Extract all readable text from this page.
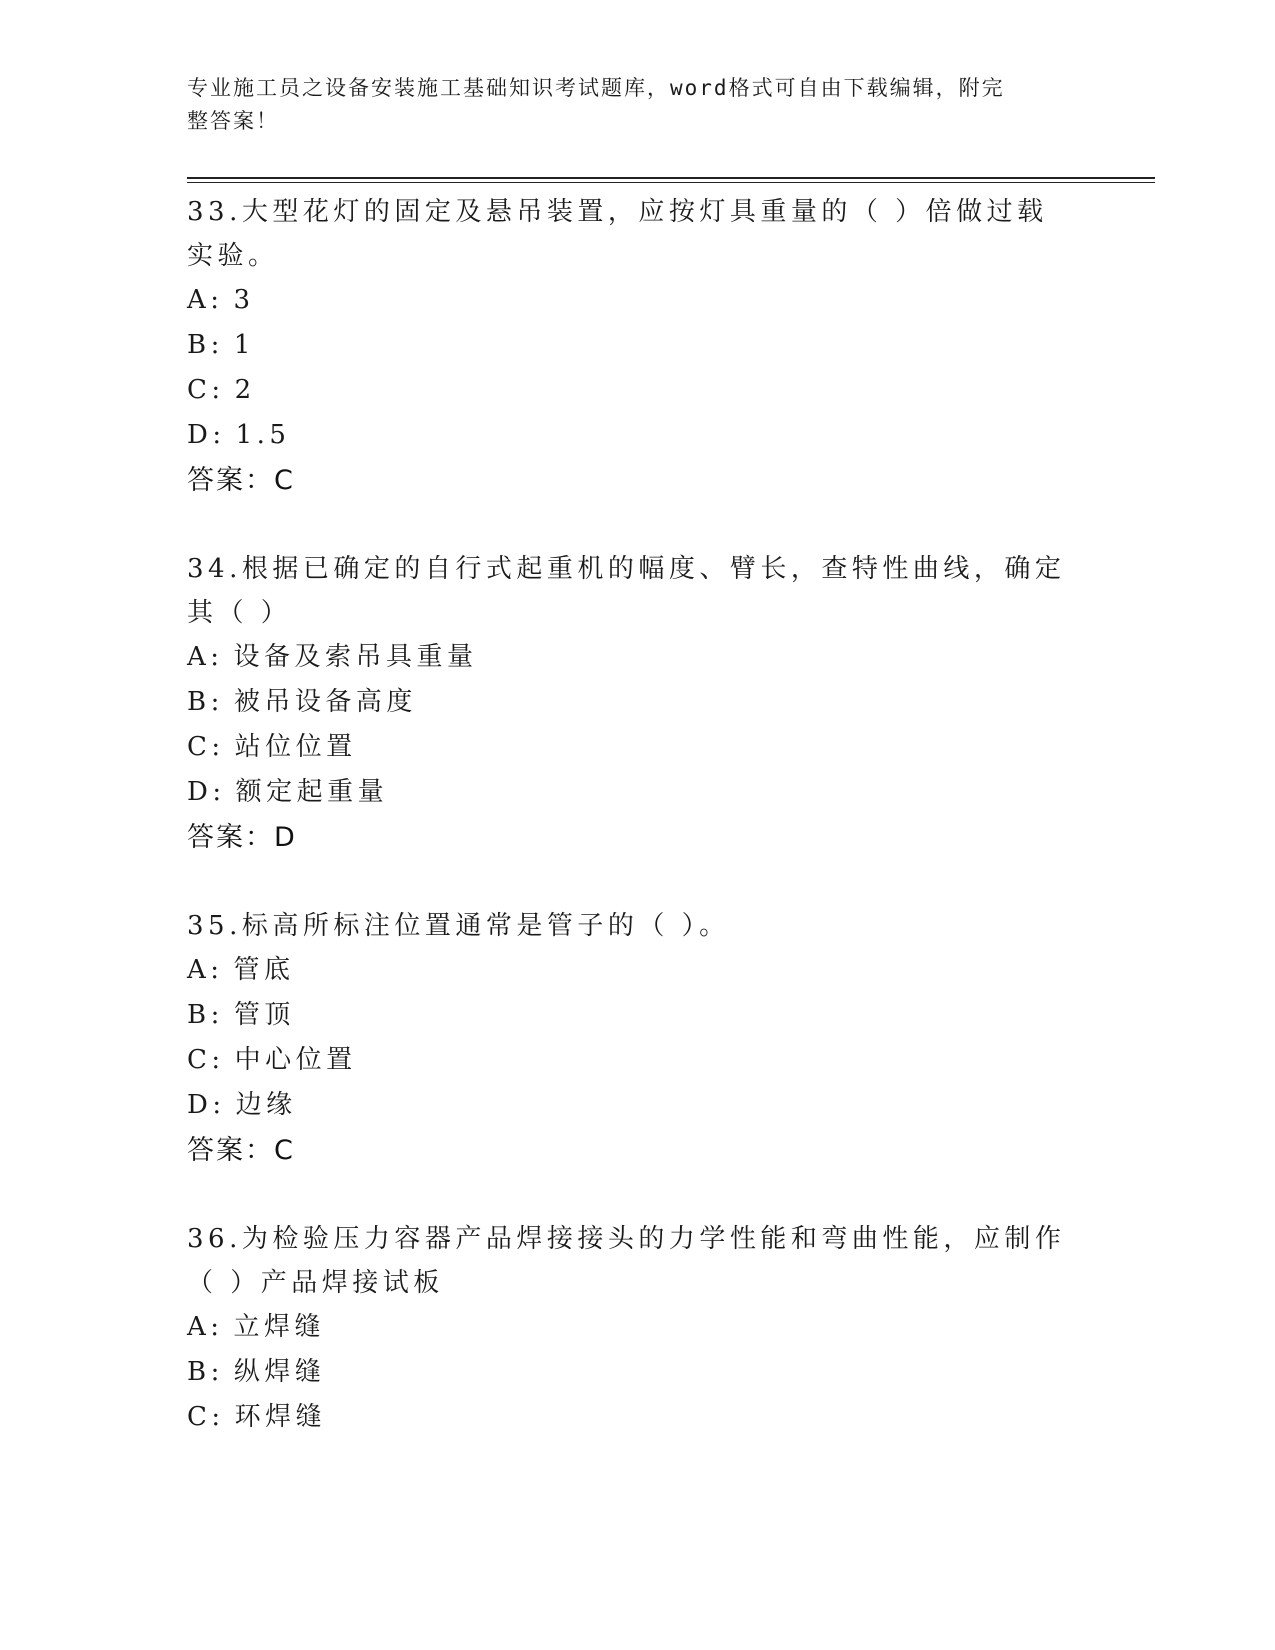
专业施工员之设备安装施工基础知识考试题库，word格式可自由下载编辑，附完
整答案！
33.大型花灯的固定及悬吊装置，应按灯具重量的（ ）倍做过载实验。
A: 3
B: 1
C: 2
D: 1.5
答案：C
34.根据已确定的自行式起重机的幅度、臂长，查特性曲线，确定其（ ）
A: 设备及索吊具重量
B: 被吊设备高度
C: 站位位置
D: 额定起重量
答案：D
35.标高所标注位置通常是管子的（ ）。
A: 管底
B: 管顶
C: 中心位置
D: 边缘
答案：C
36.为检验压力容器产品焊接接头的力学性能和弯曲性能，应制作（ ）产品焊接试板
A: 立焊缝
B: 纵焊缝
C: 环焊缝
